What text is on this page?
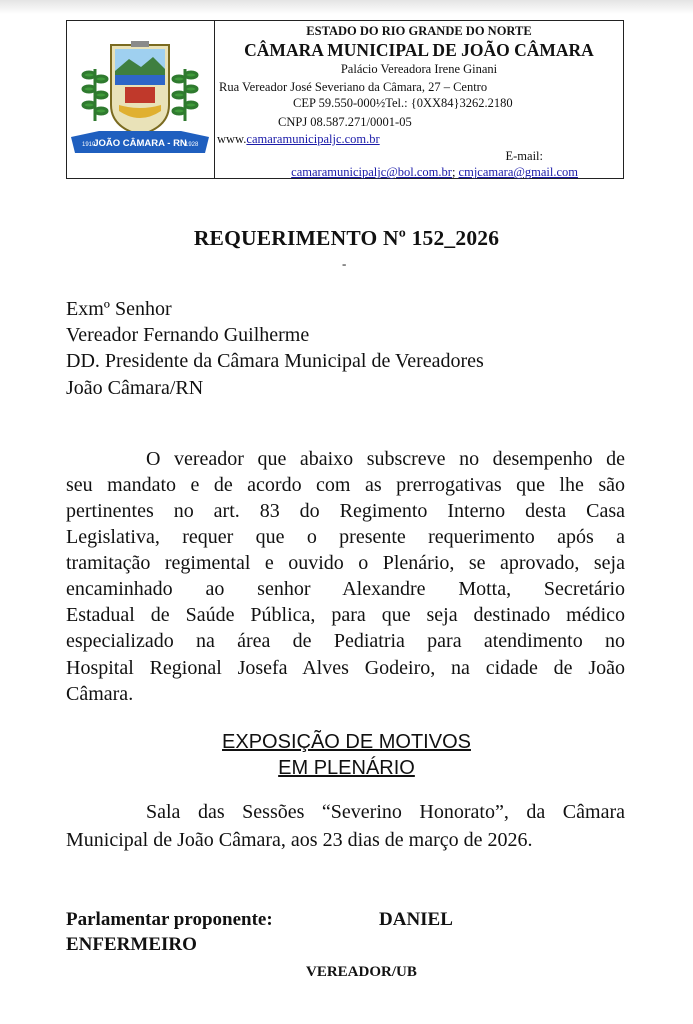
JOÃO CÂMARA - RN
1910	1928
ESTADO DO RIO GRANDE DO NORTE
CÂMARA MUNICIPAL DE JOÃO CÂMARA
Palácio Vereadora Irene Ginani
Rua Vereador José Severiano da Câmara, 27 – Centro
CEP 59.550-000½Tel.: {0XX84}3262.2180
CNPJ 08.587.271/0001-05
www.camaramunicipaljc.com.br
E-mail:
camaramunicipaljc@bol.com.br; cmjcamara@gmail.com
REQUERIMENTO Nº 152_2026
-
Exmº Senhor
Vereador Fernando Guilherme
DD. Presidente da Câmara Municipal de Vereadores
João Câmara/RN
O vereador que abaixo subscreve no desempenho de
seu mandato e de acordo com as prerrogativas que lhe são
pertinentes no art. 83 do Regimento Interno desta Casa
Legislativa, requer que o presente requerimento após a
tramitação regimental e ouvido o Plenário, se aprovado, seja
encaminhado ao senhor Alexandre Motta, Secretário
Estadual de Saúde Pública, para que seja destinado médico
especializado na área de Pediatria para atendimento no
Hospital Regional Josefa Alves Godeiro, na cidade de João
Câmara.
EXPOSIÇÃO DE MOTIVOS
EM PLENÁRIO
Sala das Sessões “Severino Honorato”, da Câmara
Municipal de João Câmara, aos 23 dias de março de 2026.
Parlamentar proponente:	DANIEL
ENFERMEIRO
VEREADOR/UB
